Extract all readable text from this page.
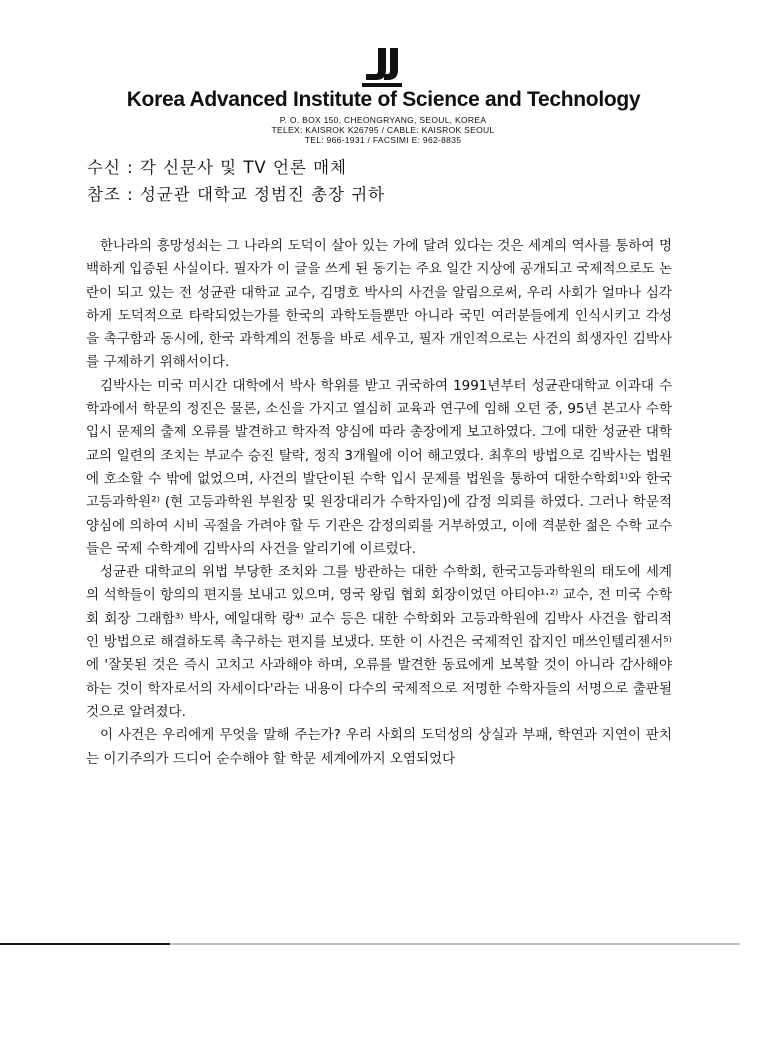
Korea Advanced Institute of Science and Technology
P. O. BOX 150, CHEONGRYANG, SEOUL, KOREA
TELEX: KAISROK K26795 / CABLE: KAISROK SEOUL
TEL: 966-1931 / FACSIMI E: 962-8835
수신 : 각 신문사 및 TV 언론 매체
참조 : 성균관 대학교 정범진 총장 귀하

한나라의 흥망성쇠는 그 나라의 도덕이 살아 있는 가에 달려 있다는 것은 세계의 역사를 통하여 명백하게 입증된 사실이다. 필자가 이 글을 쓰게 된 동기는 주요 일간 지상에 공개되고 국제적으로도 논란이 되고 있는 전 성균관 대학교 교수, 김명호 박사의 사건을 알림으로써, 우리 사회가 얼마나 심각하게 도덕적으로 타락되었는가를 한국의 과학도들뿐만 아니라 국민 여러분들에게 인식시키고 각성을 촉구함과 동시에, 한국 과학계의 전통을 바로 세우고, 필자 개인적으로는 사건의 희생자인 김박사를 구제하기 위해서이다.

김박사는 미국 미시간 대학에서 박사 학위를 받고 귀국하여 1991년부터 성균관대학교 이과대 수학과에서 학문의 정진은 물론, 소신을 가지고 열심히 교육과 연구에 임해 오던 중, 95년 본고사 수학 입시 문제의 출제 오류를 발견하고 학자적 양심에 따라 총장에게 보고하였다. 그에 대한 성균관 대학교의 일련의 조치는 부교수 승진 탈락, 정직 3개월에 이어 해고였다. 최후의 방법으로 김박사는 법원에 호소할 수 밖에 없었으며, 사건의 발단이된 수학 입시 문제를 법원을 통하여 대한수학회¹⁾와 한국고등과학원²⁾ (현 고등과학원 부원장 및 원장대리가 수학자임)에 감정 의뢰를 하였다. 그러나 학문적 양심에 의하여 시비 곡절을 가려야 할 두 기관은 감정의뢰를 거부하였고, 이에 격분한 젊은 수학 교수들은 국제 수학계에 김박사의 사건을 알리기에 이르렀다.

성균관 대학교의 위법 부당한 조치와 그를 방관하는 대한 수학회, 한국고등과학원의 태도에 세계의 석학들이 항의의 편지를 보내고 있으며, 영국 왕립 협회 회장이었던 아티야¹·²⁾ 교수, 전 미국 수학회 회장 그래함³⁾ 박사, 예일대학 랑⁴⁾ 교수 등은 대한 수학회와 고등과학원에 김박사 사건을 합리적인 방법으로 해결하도록 촉구하는 편지를 보냈다. 또한 이 사건은 국제적인 잡지인 매쓰인텔리젠서⁵⁾에 '잘못된 것은 즉시 고치고 사과해야 하며, 오류를 발견한 동료에게 보복할 것이 아니라 감사해야 하는 것이 학자로서의 자세이다'라는 내용이 다수의 국제적으로 저명한 수학자들의 서명으로 출판될 것으로 알려졌다.

이 사건은 우리에게 무엇을 말해 주는가? 우리 사회의 도덕성의 상실과 부패, 학연과 지연이 판치는 이기주의가 드디어 순수해야 할 학문 세계에까지 오염되었다
